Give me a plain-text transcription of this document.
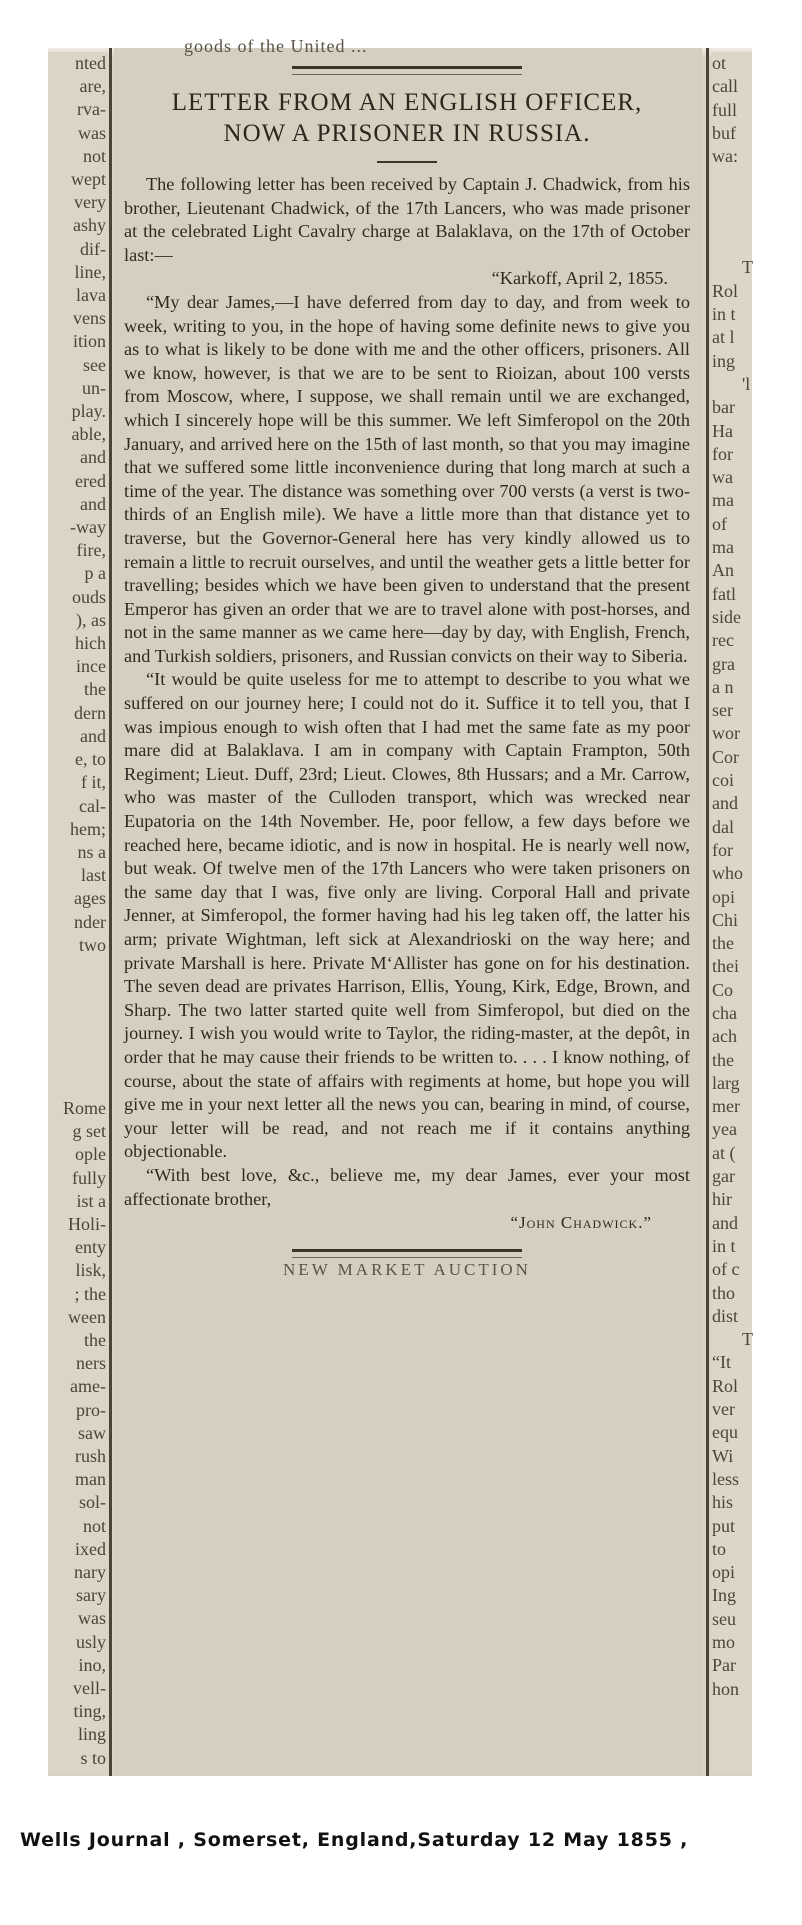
nted
are,
rva-
was
not
wept
very
ashy
dif-
line,
lava
vens
ition
see
un-
play.
able,
and
ered
and
-way
fire,
p a
ouds
), as
hich
ince
the
dern
and
e, to
f it,
cal-
hem;
ns a
last
ages
nder
two
Rome
g set
ople
fully
ist a
Holi-
enty
lisk,
; the
ween
the
ners
ame-
pro-
saw
rush
man
sol-
not
ixed
nary
sary
was
usly
ino,
vell-
ting,
ling
s to
goods of the United ...
LETTER FROM AN ENGLISH OFFICER,
NOW A PRISONER IN RUSSIA.

The following letter has been received by Captain J. Chadwick, from his brother, Lieutenant Chadwick, of the 17th Lancers, who was made prisoner at the celebrated Light Cavalry charge at Balaklava, on the 17th of October last:—

“Karkoff, April 2, 1855.

“My dear James,—I have deferred from day to day, and from week to week, writing to you, in the hope of having some definite news to give you as to what is likely to be done with me and the other officers, prisoners. All we know, however, is that we are to be sent to Rioizan, about 100 versts from Moscow, where, I suppose, we shall remain until we are exchanged, which I sincerely hope will be this summer. We left Simferopol on the 20th January, and arrived here on the 15th of last month, so that you may imagine that we suffered some little inconvenience during that long march at such a time of the year. The distance was something over 700 versts (a verst is two-thirds of an English mile). We have a little more than that distance yet to traverse, but the Governor-General here has very kindly allowed us to remain a little to recruit ourselves, and until the weather gets a little better for travelling; besides which we have been given to understand that the present Emperor has given an order that we are to travel alone with post-horses, and not in the same manner as we came here—day by day, with English, French, and Turkish soldiers, prisoners, and Russian convicts on their way to Siberia.

“It would be quite useless for me to attempt to describe to you what we suffered on our journey here; I could not do it. Suffice it to tell you, that I was impious enough to wish often that I had met the same fate as my poor mare did at Balaklava. I am in company with Captain Frampton, 50th Regiment; Lieut. Duff, 23rd; Lieut. Clowes, 8th Hussars; and a Mr. Carrow, who was master of the Culloden transport, which was wrecked near Eupatoria on the 14th November. He, poor fellow, a few days before we reached here, became idiotic, and is now in hospital. He is nearly well now, but weak. Of twelve men of the 17th Lancers who were taken prisoners on the same day that I was, five only are living. Corporal Hall and private Jenner, at Simferopol, the former having had his leg taken off, the latter his arm; private Wightman, left sick at Alexandrioski on the way here; and private Marshall is here. Private M‘Allister has gone on for his destination. The seven dead are privates Harrison, Ellis, Young, Kirk, Edge, Brown, and Sharp. The two latter started quite well from Simferopol, but died on the journey. I wish you would write to Taylor, the riding-master, at the depôt, in order that he may cause their friends to be written to. . . . I know nothing, of course, about the state of affairs with regiments at home, but hope you will give me in your next letter all the news you can, bearing in mind, of course, your letter will be read, and not reach me if it contains anything objectionable.

“With best love, &c., believe me, my dear James, ever your most affectionate brother,

“John Chadwick.”
NEW MARKET AUCTION
ot
call
full
buf
wa:
T
Rol
in t
at l
ing
'l
bar
Ha
for
wa
ma
of
ma
An
fatl
side
rec
gra
a n
ser
wor
Cor
coi
and
dal
for
who
opi
Chi
the
thei
Co
cha
ach
the
larg
mer
yea
at (
gar
hir
and
in t
of c
tho
dist
T
“It
Rol
ver
equ
Wi
less
his
put
to
opi
Ing
seu
mo
Par
hon
Wells Journal , Somerset, England,Saturday 12 May 1855 ,
